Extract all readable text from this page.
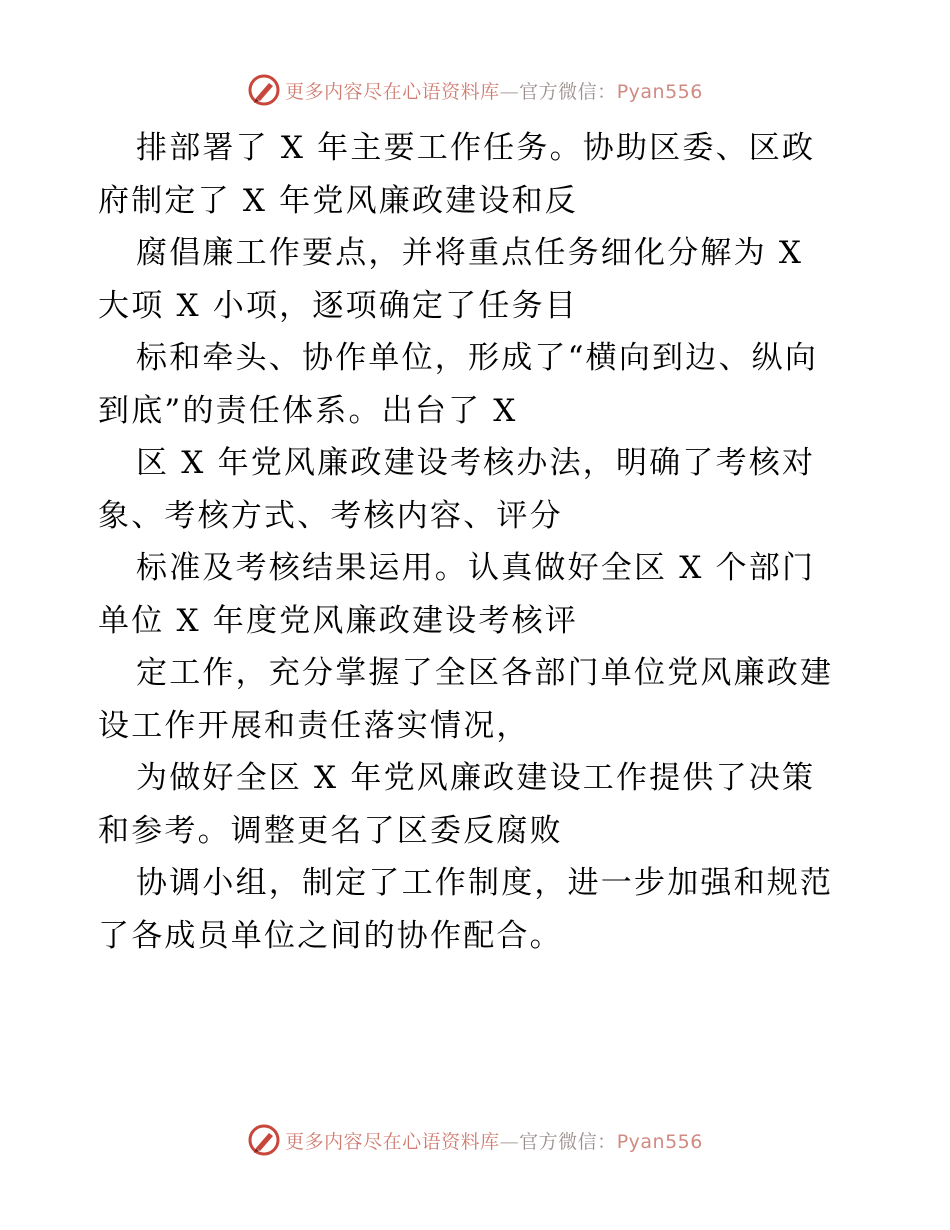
更多内容尽在心语资料库—官方微信：Pyan556
排部署了 X 年主要工作任务。协助区委、区政
府制定了 X 年党风廉政建设和反
腐倡廉工作要点，并将重点任务细化分解为 X
大项 X 小项，逐项确定了任务目
标和牵头、协作单位，形成了“横向到边、纵向
到底”的责任体系。出台了 X
区 X 年党风廉政建设考核办法，明确了考核对
象、考核方式、考核内容、评分
标准及考核结果运用。认真做好全区 X 个部门
单位 X 年度党风廉政建设考核评
定工作，充分掌握了全区各部门单位党风廉政建
设工作开展和责任落实情况，
为做好全区 X 年党风廉政建设工作提供了决策
和参考。调整更名了区委反腐败
协调小组，制定了工作制度，进一步加强和规范
了各成员单位之间的协作配合。
更多内容尽在心语资料库—官方微信：Pyan556
